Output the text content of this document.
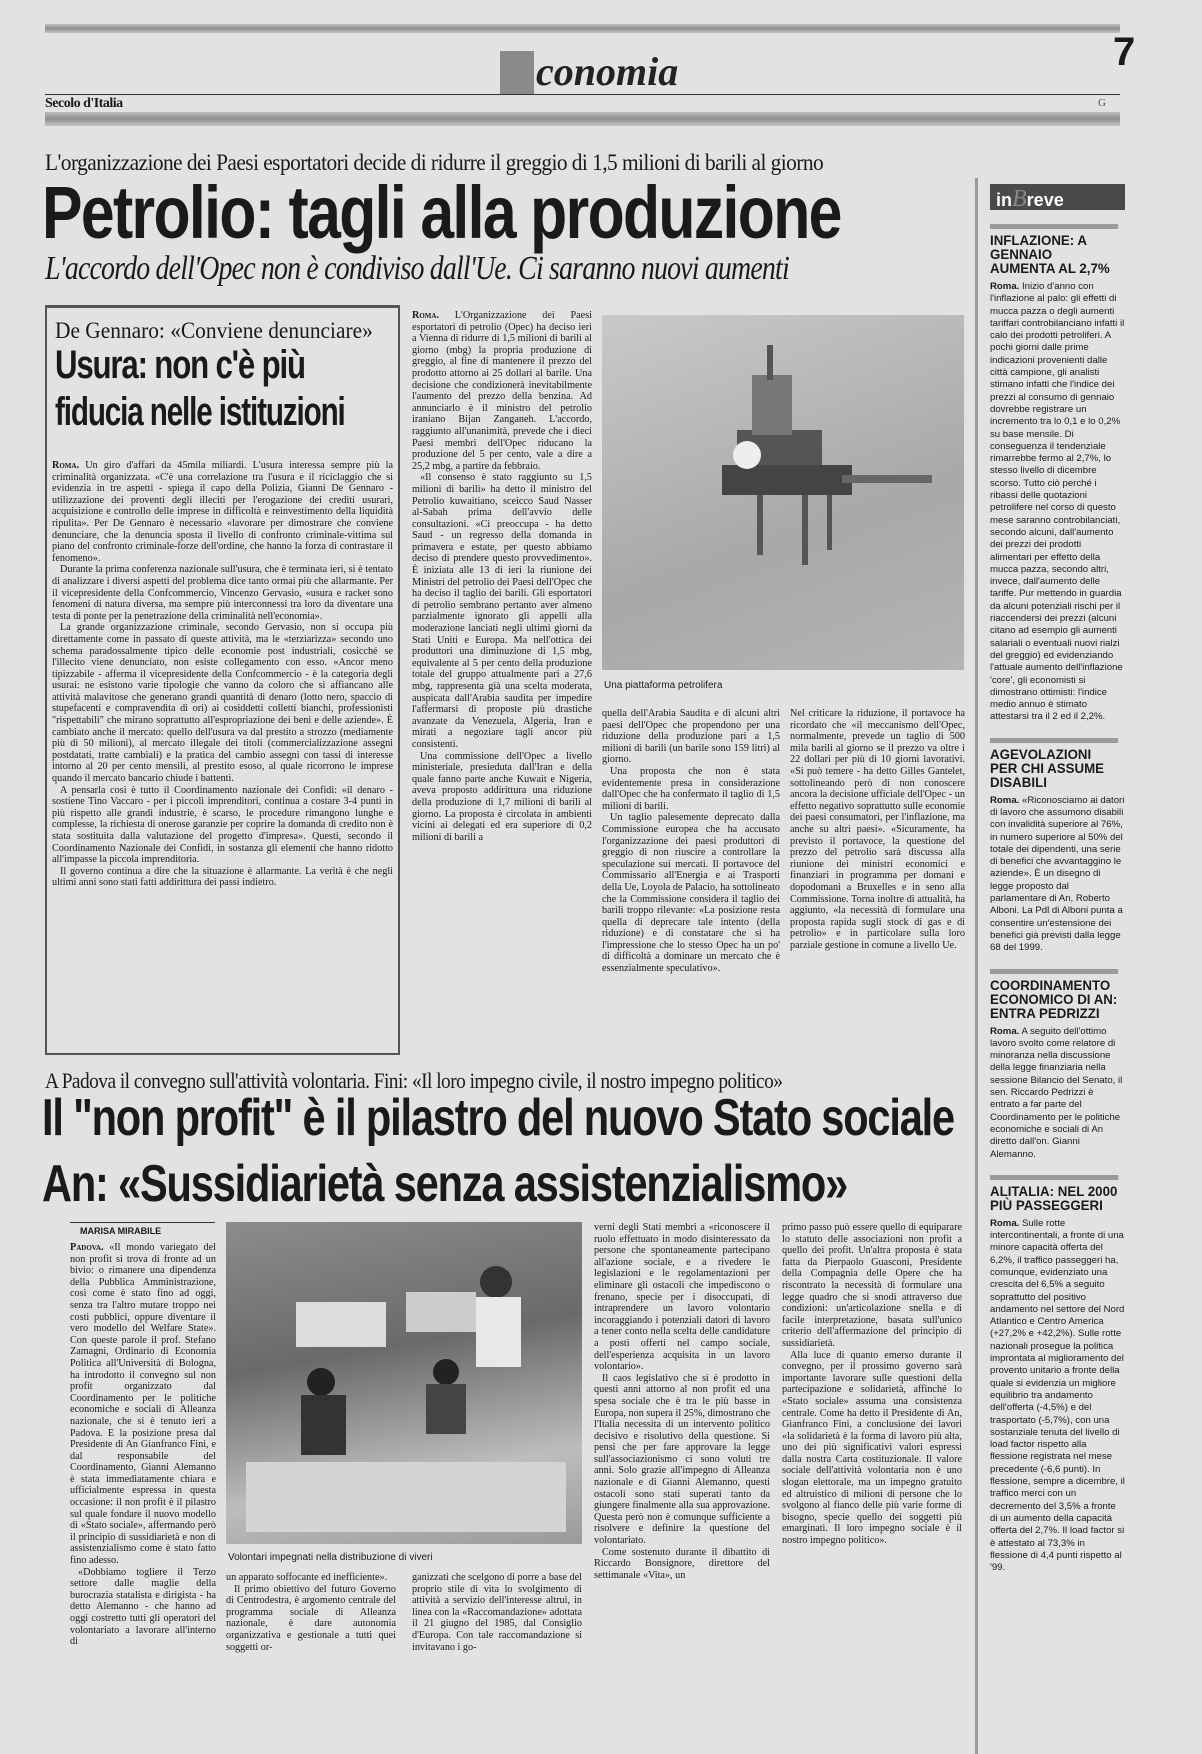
conomia	7
Secolo d'Italia	G
L'organizzazione dei Paesi esportatori decide di ridurre il greggio di 1,5 milioni di barili al giorno
Petrolio: tagli alla produzione
L'accordo dell'Opec non è condiviso dall'Ue. Ci saranno nuovi aumenti
De Gennaro: «Conviene denunciare»
Usura: non c'è più
fiducia nelle istituzioni

Roma. Un giro d'affari da 45mila miliardi. L'usura interessa sempre più la criminalità organizzata. «C'è una correlazione tra l'usura e il riciclaggio che si evidenzia in tre aspetti - spiega il capo della Polizia, Gianni De Gennaro - utilizzazione dei proventi degli illeciti per l'erogazione dei crediti usurari, acquisizione e controllo delle imprese in difficoltà e reinvestimento della liquidità ripulita». Per De Gennaro è necessario «lavorare per dimostrare che conviene denunciare, che la denuncia sposta il livello di confronto criminale-vittima sul piano del confronto criminale-forze dell'ordine, che hanno la forza di contrastare il fenomeno».

Durante la prima conferenza nazionale sull'usura, che è terminata ieri, si è tentato di analizzare i diversi aspetti del problema dice tanto ormai più che allarmante. Per il vicepresidente della Confcommercio, Vincenzo Gervasio, «usura e racket sono fenomeni di natura diversa, ma sempre più interconnessi tra loro da diventare una testa di ponte per la penetrazione della criminalità nell'economia».

La grande organizzazione criminale, secondo Gervasio, non si occupa più direttamente come in passato di queste attività, ma le «terziarizza» secondo uno schema paradossalmente tipico delle economie post industriali, cosicché se l'illecito viene denunciato, non esiste collegamento con esso. «Ancor meno tipizzabile - afferma il vicepresidente della Confcommercio - è la categoria degli usurai: ne esistono varie tipologie che vanno da coloro che si affiancano alle attività malavitose che generano grandi quantità di denaro (lotto nero, spaccio di stupefacenti e compravendita di ori) ai cosiddetti colletti bianchi, professionisti "rispettabili" che mirano soprattutto all'espropriazione dei beni e delle aziende». È cambiato anche il mercato: quello dell'usura va dal prestito a strozzo (mediamente più di 50 milioni), al mercato illegale dei titoli (commercializzazione assegni postdatati, tratte cambiali) e la pratica del cambio assegni con tassi di interesse intorno al 20 per cento mensili, al prestito esoso, al quale ricorrono le imprese quando il mercato bancario chiude i battenti.

A pensarla così è tutto il Coordinamento nazionale dei Confidi: «il denaro - sostiene Tino Vaccaro - per i piccoli imprenditori, continua a costare 3-4 punti in più rispetto alle grandi industrie, è scarso, le procedure rimangono lunghe e complesse, la richiesta di onerose garanzie per coprire la domanda di credito non è stata sostituita dalla valutazione del progetto d'impresa». Questi, secondo il Coordinamento Nazionale dei Confidi, in sostanza gli elementi che hanno ridotto all'impasse la piccola imprenditoria.

Il governo continua a dire che la situazione è allarmante. La verità è che negli ultimi anni sono stati fatti addirittura dei passi indietro.

Roma. L'Organizzazione dei Paesi esportatori di petrolio (Opec) ha deciso ieri a Vienna di ridurre di 1,5 milioni di barili al giorno (mbg) la propria produzione di greggio, al fine di mantenere il prezzo del prodotto attorno ai 25 dollari al barile. Una decisione che condizionerà inevitabilmente l'aumento del prezzo della benzina. Ad annunciarlo è il ministro del petrolio iraniano Bijan Zanganeh. L'accordo, raggiunto all'unanimità, prevede che i dieci Paesi membri dell'Opec riducano la produzione del 5 per cento, vale a dire a 25,2 mbg, a partire da febbraio.

«Il consenso è stato raggiunto su 1,5 milioni di barili» ha detto il ministro del Petrolio kuwaitiano, sceicco Saud Nasser al-Sabah prima dell'avvio delle consultazioni. «Ci preoccupa - ha detto Saud - un regresso della domanda in primavera e estate, per questo abbiamo deciso di prendere questo provvedimento». È iniziata alle 13 di ieri la riunione dei Ministri del petrolio dei Paesi dell'Opec che ha deciso il taglio dei barili. Gli esportatori di petrolio sembrano pertanto aver almeno parzialmente ignorato gli appelli alla moderazione lanciati negli ultimi giorni da Stati Uniti e Europa. Ma nell'ottica dei produttori una diminuzione di 1,5 mbg, equivalente al 5 per cento della produzione totale del gruppo attualmente pari a 27,6 mbg, rappresenta già una scelta moderata, auspicata dall'Arabia saudita per impedire l'affermarsi di proposte più drastiche avanzate da Venezuela, Algeria, Iran e mirati a negoziare tagli ancor più consistenti.

Una commissione dell'Opec a livello ministeriale, presieduta dall'Iran e della quale fanno parte anche Kuwait e Nigeria, aveva proposto addirittura una riduzione della produzione di 1,7 milioni di barili al giorno. La proposta è circolata in ambienti vicini ai delegati ed era superiore di 0,2 milioni di barili a

Una piattaforma petrolifera

quella dell'Arabia Saudita e di alcuni altri paesi dell'Opec che propendono per una riduzione della produzione pari a 1,5 milioni di barili (un barile sono 159 litri) al giorno.

Una proposta che non è stata evidentemente presa in considerazione dall'Opec che ha confermato il taglio di 1,5 milioni di barili.

Un taglio palesemente deprecato dalla Commissione europea che ha accusato l'organizzazione dei paesi produttori di greggio di non riuscire a controllare la speculazione sui mercati. Il portavoce del Commissario all'Energia e ai Trasporti della Ue, Loyola de Palacio, ha sottolineato che la Commissione considera il taglio dei barili troppo rilevante: «La posizione resta quella di deprecare tale intento (della riduzione) e di constatare che si ha l'impressione che lo stesso Opec ha un po' di difficoltà a dominare un mercato che è essenzialmente speculativo».

Nel criticare la riduzione, il portavoce ha ricordato che «il meccanismo dell'Opec, normalmente, prevede un taglio di 500 mila barili al giorno se il prezzo va oltre i 22 dollari per più di 10 giorni lavorativi. «Si può temere - ha detto Gilles Gantelet, sottolineando però di non conoscere ancora la decisione ufficiale dell'Opec - un effetto negativo soprattutto sulle economie dei paesi consumatori, per l'inflazione, ma anche su altri paesi». «Sicuramente, ha previsto il portavoce, la questione del prezzo del petrolio sarà discussa alla riunione dei ministri economici e finanziari in programma per domani e dopodomani a Bruxelles e in seno alla Commissione. Torna inoltre di attualità, ha aggiunto, «la necessità di formulare una proposta rapida sugli stock di gas e di petrolio» e in particolare sulla loro parziale gestione in comune a livello Ue.

inBreve
INFLAZIONE: A GENNAIO AUMENTA AL 2,7%
Roma. Inizio d'anno con l'inflazione al palo: gli effetti di mucca pazza o degli aumenti tariffari controbilanciano infatti il calo dei prodotti petroliferi. A pochi giorni dalle prime indicazioni provenienti dalle città campione, gli analisti stimano infatti che l'indice dei prezzi al consumo di gennaio dovrebbe registrare un incremento tra lo 0,1 e lo 0,2% su base mensile. Di conseguenza il tendenziale rimarrebbe fermo al 2,7%, lo stesso livello di dicembre scorso. Tutto ciò perché i ribassi delle quotazioni petrolifere nel corso di questo mese saranno controbilanciati, secondo alcuni, dall'aumento dei prezzi dei prodotti alimentari per effetto della mucca pazza, secondo altri, invece, dall'aumento delle tariffe. Pur mettendo in guardia da alcuni potenziali rischi per il riaccendersi dei prezzi (alcuni citano ad esempio gli aumenti salariali o eventuali nuovi rialzi del greggio) ed evidenziando l'attuale aumento dell'inflazione 'core', gli economisti si dimostrano ottimisti: l'indice medio annuo è stimato attestarsi tra il 2 ed il 2,2%.
AGEVOLAZIONI PER CHI ASSUME DISABILI
Roma. «Riconosciamo ai datori di lavoro che assumono disabili con invalidità superiore al 76%, in numero superiore al 50% del totale dei dipendenti, una serie di benefici che avvantaggino le aziende». È un disegno di legge proposto dal parlamentare di An, Roberto Alboni. La Pdl di Alboni punta a consentire un'estensione dei benefici già previsti dalla legge 68 del 1999.
COORDINAMENTO ECONOMICO DI AN: ENTRA PEDRIZZI
Roma. A seguito dell'ottimo lavoro svolto come relatore di minoranza nella discussione della legge finanziaria nella sessione Bilancio del Senato, il sen. Riccardo Pedrizzi è entrato a far parte del Coordinamento per le politiche economiche e sociali di An diretto dall'on. Gianni Alemanno.
ALITALIA: NEL 2000 PIÙ PASSEGGERI
Roma. Sulle rotte intercontinentali, a fronte di una minore capacità offerta del 6,2%, il traffico passeggeri ha, comunque, evidenziato una crescita del 6,5% a seguito soprattutto del positivo andamento nel settore del Nord Atlantico e Centro America (+27,2% e +42,2%). Sulle rotte nazionali prosegue la politica improntata al miglioramento del provento unitario a fronte della quale si evidenzia un migliore equilibrio tra andamento dell'offerta (-4,5%) e del trasportato (-5,7%), con una sostanziale tenuta del livello di load factor rispetto alla flessione registrata nel mese precedente (-6,6 punti). In flessione, sempre a dicembre, il traffico merci con un decremento del 3,5% a fronte di un aumento della capacità offerta del 2,7%. Il load factor si è attestato al 73,3% in flessione di 4,4 punti rispetto al '99.
A Padova il convegno sull'attività volontaria. Fini: «Il loro impegno civile, il nostro impegno politico»
Il "non profit" è il pilastro del nuovo Stato sociale
An: «Sussidiarietà senza assistenzialismo»
MARISA MIRABILE

Padova. «Il mondo variegato del non profit si trova di fronte ad un bivio: o rimanere una dipendenza della Pubblica Amministrazione, così come è stato fino ad oggi, senza tra l'altro mutare troppo nei costi pubblici, oppure diventare il vero modello del Welfare State». Con queste parole il prof. Stefano Zamagni, Ordinario di Economia Politica all'Università di Bologna, ha introdotto il convegno sul non profit organizzato dal Coordinamento per le politiche economiche e sociali di Alleanza nazionale, che si è tenuto ieri a Padova. E la posizione presa dal Presidente di An Gianfranco Fini, e dal responsabile del Coordinamento, Gianni Alemanno è stata immediatamente chiara e ufficialmente espressa in questa occasione: il non profit è il pilastro sul quale fondare il nuovo modello di «Stato sociale», affermando però il principio di sussidiarietà e non di assistenzialismo come è stato fatto fino adesso.

«Dobbiamo togliere il Terzo settore dalle maglie della burocrazia statalista e dirigista - ha detto Alemanno - che hanno ad oggi costretto tutti gli operatori del volontariato a lavorare all'interno di

Volontari impegnati nella distribuzione di viveri

un apparato soffocante ed inefficiente».

Il primo obiettivo del futuro Governo di Centrodestra, è argomento centrale del programma sociale di Alleanza nazionale, è dare autonomia organizzativa e gestionale a tutti quei soggetti or-

ganizzati che scelgono di porre a base del proprio stile di vita lo svolgimento di attività a servizio dell'interesse altrui, in linea con la «Raccomandazione» adottata il 21 giugno del 1985, dal Consiglio d'Europa. Con tale raccomandazione si invitavano i go-

verni degli Stati membri a «riconoscere il ruolo effettuato in modo disinteressato da persone che spontaneamente partecipano all'azione sociale, e a rivedere le legislazioni e le regolamentazioni per eliminare gli ostacoli che impediscono o frenano, specie per i disoccupati, di intraprendere un lavoro volontario incoraggiando i potenziali datori di lavoro a tener conto nella scelta delle candidature a posti offerti nel campo sociale, dell'esperienza acquisita in un lavoro volontario».

Il caos legislativo che si è prodotto in questi anni attorno al non profit ed una spesa sociale che è tra le più basse in Europa, non supera il 25%, dimostrano che l'Italia necessita di un intervento politico decisivo e risolutivo della questione. Si pensi che per fare approvare la legge sull'associazionismo ci sono voluti tre anni. Solo grazie all'impegno di Alleanza nazionale e di Gianni Alemanno, questi ostacoli sono stati superati tanto da giungere finalmente alla sua approvazione. Questa però non è comunque sufficiente a risolvere e definire la questione del volontariato.

Come sostenuto durante il dibattito di Riccardo Bonsignore, direttore del settimanale «Vita», un

primo passo può essere quello di equiparare lo statuto delle associazioni non profit a quello dei profit. Un'altra proposta è stata fatta da Pierpaolo Guasconi, Presidente della Compagnia delle Opere che ha riscontrato la necessità di formulare una legge quadro che si snodi attraverso due condizioni: un'articolazione snella e di facile interpretazione, basata sull'unico criterio dell'affermazione del principio di sussidiarietà.

Alla luce di quanto emerso durante il convegno, per il prossimo governo sarà importante lavorare sulle questioni della partecipazione e solidarietà, affinché lo «Stato sociale» assuma una consistenza centrale. Come ha detto il Presidente di An, Gianfranco Fini, a conclusione dei lavori «la solidarietà è la forma di lavoro più alta, uno dei più significativi valori espressi dalla nostra Carta costituzionale. Il valore sociale dell'attività volontaria non è uno slogan elettorale, ma un impegno gratuito ed altruistico di milioni di persone che lo svolgono al fianco delle più varie forme di bisogno, specie quello dei soggetti più emarginati. Il loro impegno sociale è il nostro impegno politico».
